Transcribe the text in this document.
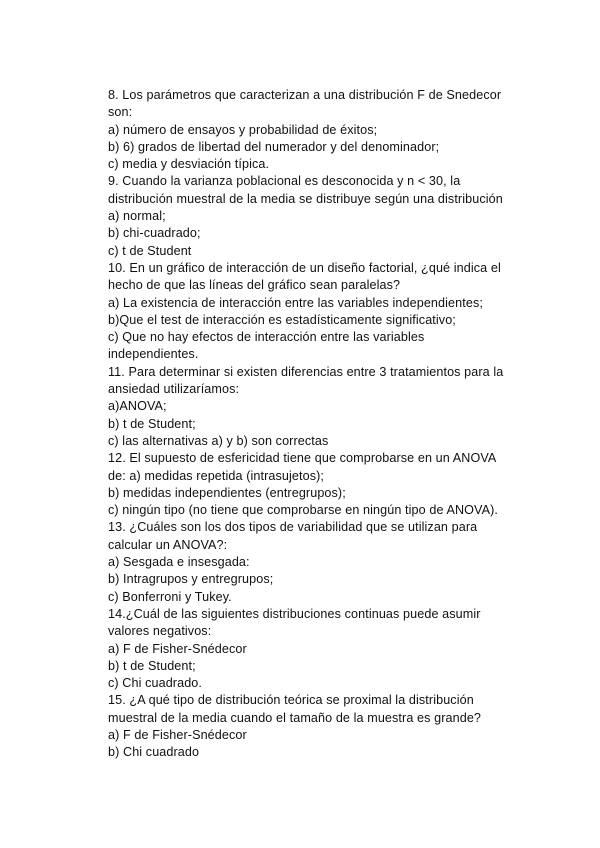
8. Los parámetros que caracterizan a una distribución F de Snedecor
son:
a) número de ensayos y probabilidad de éxitos;
b) 6) grados de libertad del numerador y del denominador;
c) media y desviación típica.
9. Cuando la varianza poblacional es desconocida y n < 30, la
distribución muestral de la media se distribuye según una distribución
a) normal;
b) chi-cuadrado;
c) t de Student
10. En un gráfico de interacción de un diseño factorial, ¿qué indica el
hecho de que las líneas del gráfico sean paralelas?
a) La existencia de interacción entre las variables independientes;
b)Que el test de interacción es estadísticamente significativo;
c) Que no hay efectos de interacción entre las variables
independientes.
11. Para determinar si existen diferencias entre 3 tratamientos para la
ansiedad utilizaríamos:
a)ANOVA;
b) t de Student;
c) las alternativas a) y b) son correctas
12. El supuesto de esfericidad tiene que comprobarse en un ANOVA
de: a) medidas repetida (intrasujetos);
b) medidas independientes (entregrupos);
c) ningún tipo (no tiene que comprobarse en ningún tipo de ANOVA).
13. ¿Cuáles son los dos tipos de variabilidad que se utilizan para
calcular un ANOVA?:
a) Sesgada e insesgada:
b) Intragrupos y entregrupos;
c) Bonferroni y Tukey.
14.¿Cuál de las siguientes distribuciones continuas puede asumir
valores negativos:
a) F de Fisher-Snédecor
b) t de Student;
c) Chi cuadrado.
15. ¿A qué tipo de distribución teórica se proximal la distribución
muestral de la media cuando el tamaño de la muestra es grande?
a) F de Fisher-Snédecor
b) Chi cuadrado
